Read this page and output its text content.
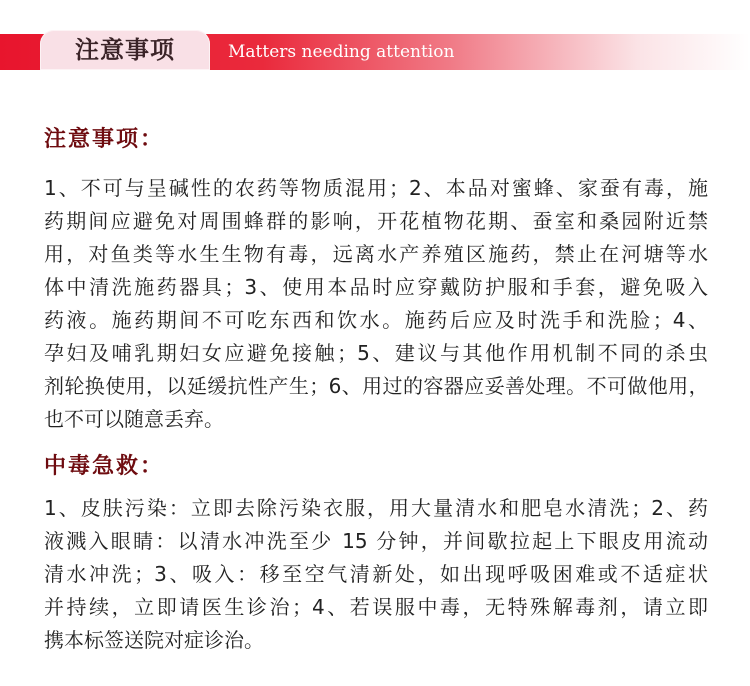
注意事项	Matters needing attention
注意事项：
1、不可与呈碱性的农药等物质混用；2、本品对蜜蜂、家蚕有毒，施
药期间应避免对周围蜂群的影响，开花植物花期、蚕室和桑园附近禁
用，对鱼类等水生生物有毒，远离水产养殖区施药，禁止在河塘等水
体中清洗施药器具；3、使用本品时应穿戴防护服和手套，避免吸入
药液。施药期间不可吃东西和饮水。施药后应及时洗手和洗脸；4、
孕妇及哺乳期妇女应避免接触；5、建议与其他作用机制不同的杀虫
剂轮换使用，以延缓抗性产生；6、用过的容器应妥善处理。不可做他用，
也不可以随意丢弃。
中毒急救：
1、皮肤污染：立即去除污染衣服，用大量清水和肥皂水清洗；2、药
液溅入眼睛：以清水冲洗至少 15 分钟，并间歇拉起上下眼皮用流动
清水冲洗；3、吸入：移至空气清新处，如出现呼吸困难或不适症状
并持续，立即请医生诊治；4、若误服中毒，无特殊解毒剂，请立即
携本标签送院对症诊治。
